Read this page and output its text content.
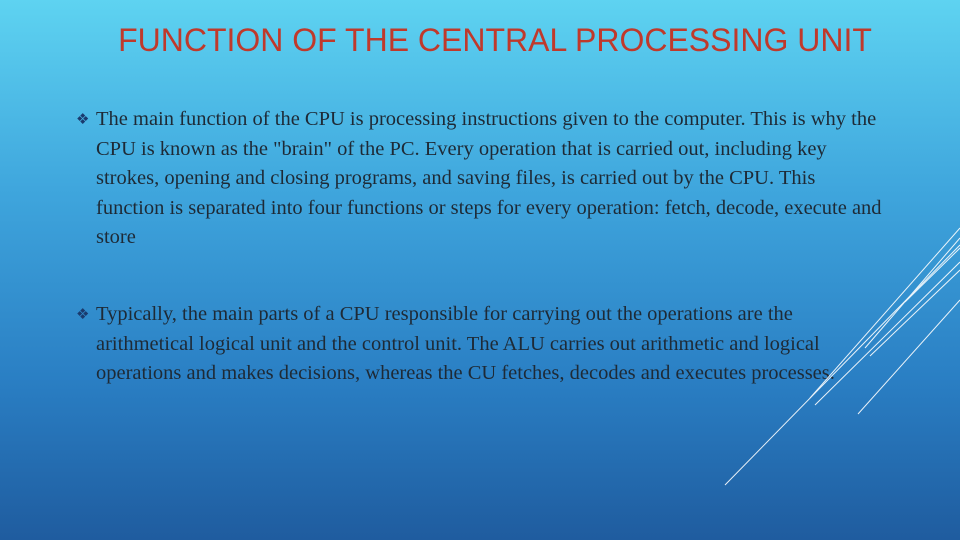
FUNCTION OF THE CENTRAL PROCESSING UNIT
❖ The main function of the CPU is processing instructions given to the computer. This is why the CPU is known as the "brain" of the PC. Every operation that is carried out, including key strokes, opening and closing programs, and saving files, is carried out by the CPU. This function is separated into four functions or steps for every operation: fetch, decode, execute and store
❖ Typically, the main parts of a CPU responsible for carrying out the operations are the arithmetical logical unit and the control unit. The ALU carries out arithmetic and logical operations and makes decisions, whereas the CU fetches, decodes and executes processes.
